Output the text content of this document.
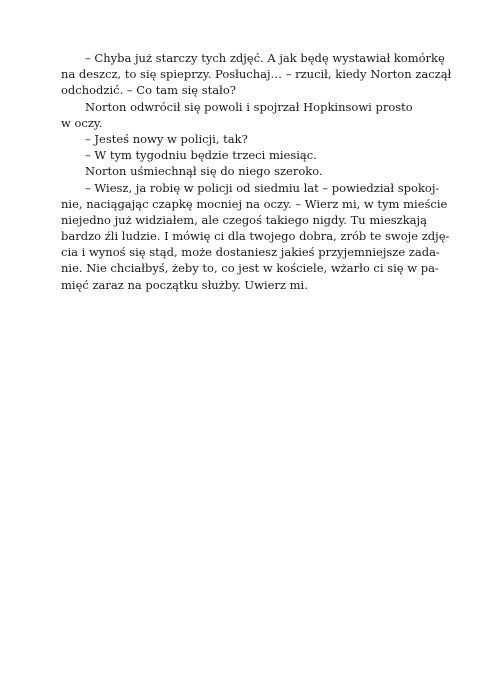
– Chyba już starczy tych zdjęć. A jak będę wystawiał komórkę
na deszcz, to się spieprzy. Posłuchaj… – rzucił, kiedy Norton zaczął
odchodzić. – Co tam się stało?
Norton odwrócił się powoli i spojrzał Hopkinsowi prosto
w oczy.
– Jesteś nowy w policji, tak?
– W tym tygodniu będzie trzeci miesiąc.
Norton uśmiechnął się do niego szeroko.
– Wiesz, ja robię w policji od siedmiu lat – powiedział spokoj-
nie, naciągając czapkę mocniej na oczy. – Wierz mi, w tym mieście
niejedno już widziałem, ale czegoś takiego nigdy. Tu mieszkają
bardzo źli ludzie. I mówię ci dla twojego dobra, zrób te swoje zdję-
cia i wynoś się stąd, może dostaniesz jakieś przyjemniejsze zada-
nie. Nie chciałbyś, żeby to, co jest w kościele, wżarło ci się w pa-
mięć zaraz na początku służby. Uwierz mi.
